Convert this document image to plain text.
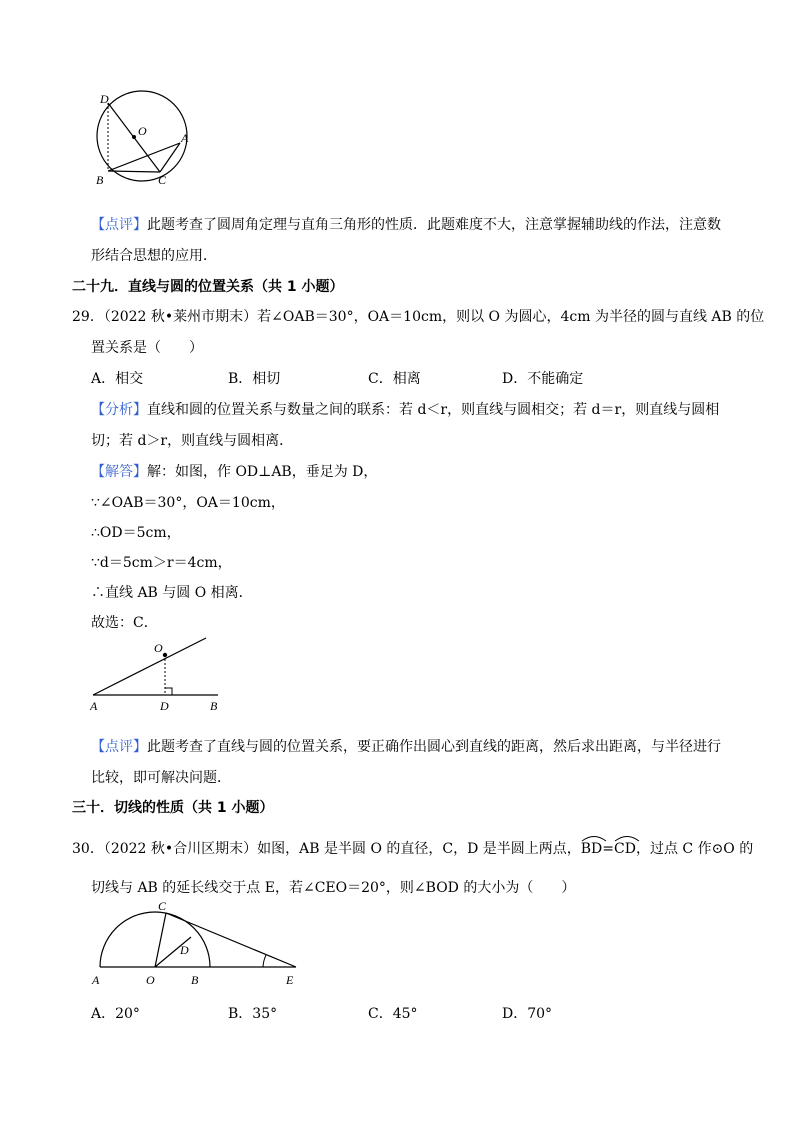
D
O	A
B	C
【点评】此题考查了圆周角定理与直角三角形的性质．此题难度不大，注意掌握辅助线的作法，注意数
形结合思想的应用．
二十九．直线与圆的位置关系（共 1 小题）
29．（2022 秋•莱州市期末）若∠OAB＝30°，OA＝10cm，则以 O 为圆心，4cm 为半径的圆与直线 AB 的位
置关系是（　　）
A．相交	B．相切	C．相离	D．不能确定
【分析】直线和圆的位置关系与数量之间的联系：若 d＜r，则直线与圆相交；若 d＝r，则直线与圆相
切；若 d＞r，则直线与圆相离．
【解答】解：如图，作 OD⊥AB，垂足为 D，
∵∠OAB＝30°，OA＝10cm，
∴OD＝5cm，
∵d＝5cm＞r＝4cm，
∴直线 AB 与圆 O 相离．
故选：C．
O
A	D	B
【点评】此题考查了直线与圆的位置关系，要正确作出圆心到直线的距离，然后求出距离，与半径进行
比较，即可解决问题．
三十．切线的性质（共 1 小题）
30．（2022 秋•合川区期末）如图，AB 是半圆 O 的直径，C，D 是半圆上两点，
BD=
CD，过点 C 作⊙O 的
切线与 AB 的延长线交于点 E，若∠CEO＝20°，则∠BOD 的大小为（　　）
C
D
A	O	B	E
A．20°	B．35°	C．45°	D．70°
